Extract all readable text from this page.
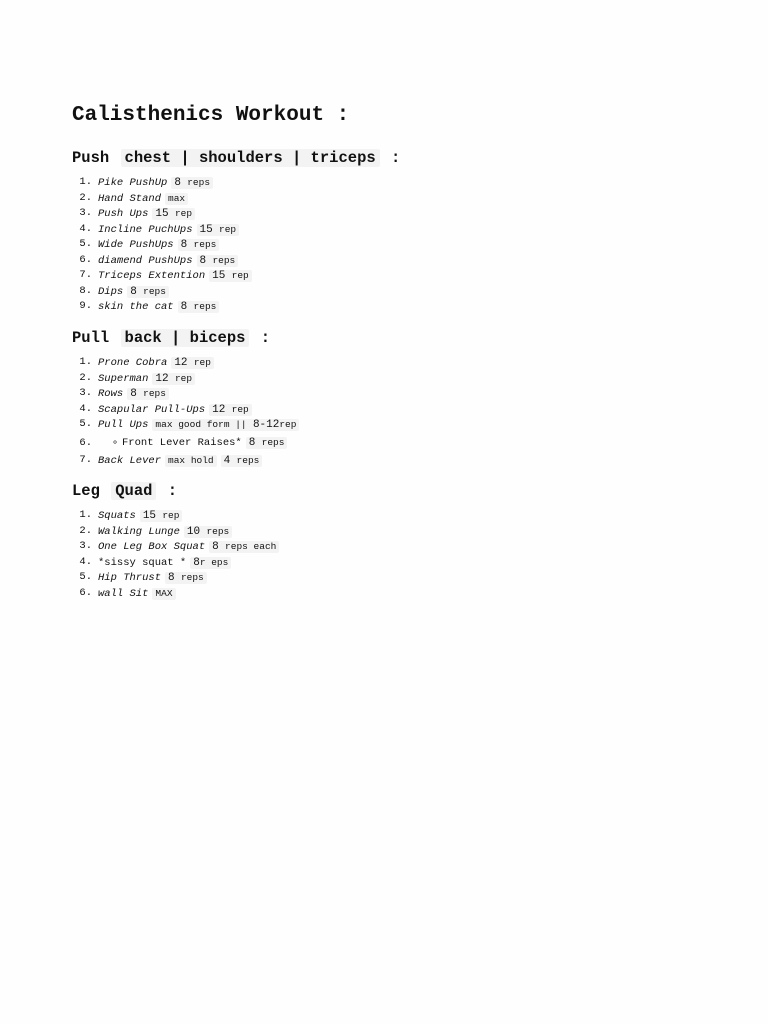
Calisthenics Workout :
Push chest | shoulders | triceps :
1. Pike PushUp 8 reps
2. Hand Stand max
3. Push Ups 15 rep
4. Incline PuchUps 15 rep
5. Wide PushUps 8 reps
6. diamend PushUps 8 reps
7. Triceps Extention 15 rep
8. Dips 8 reps
9. skin the cat 8 reps
Pull back | biceps :
1. Prone Cobra 12 rep
2. Superman 12 rep
3. Rows 8 reps
4. Scapular Pull-Ups 12 rep
5. Pull Ups max good form || 8-12rep
6. ⚬ Front Lever Raises* 8 reps
7. Back Lever max hold 4 reps
Leg Quad :
1. Squats 15 rep
2. Walking Lunge 10 reps
3. One Leg Box Squat 8 reps each
4. *sissy squat * 8r eps
5. Hip Thrust 8 reps
6. wall Sit MAX
